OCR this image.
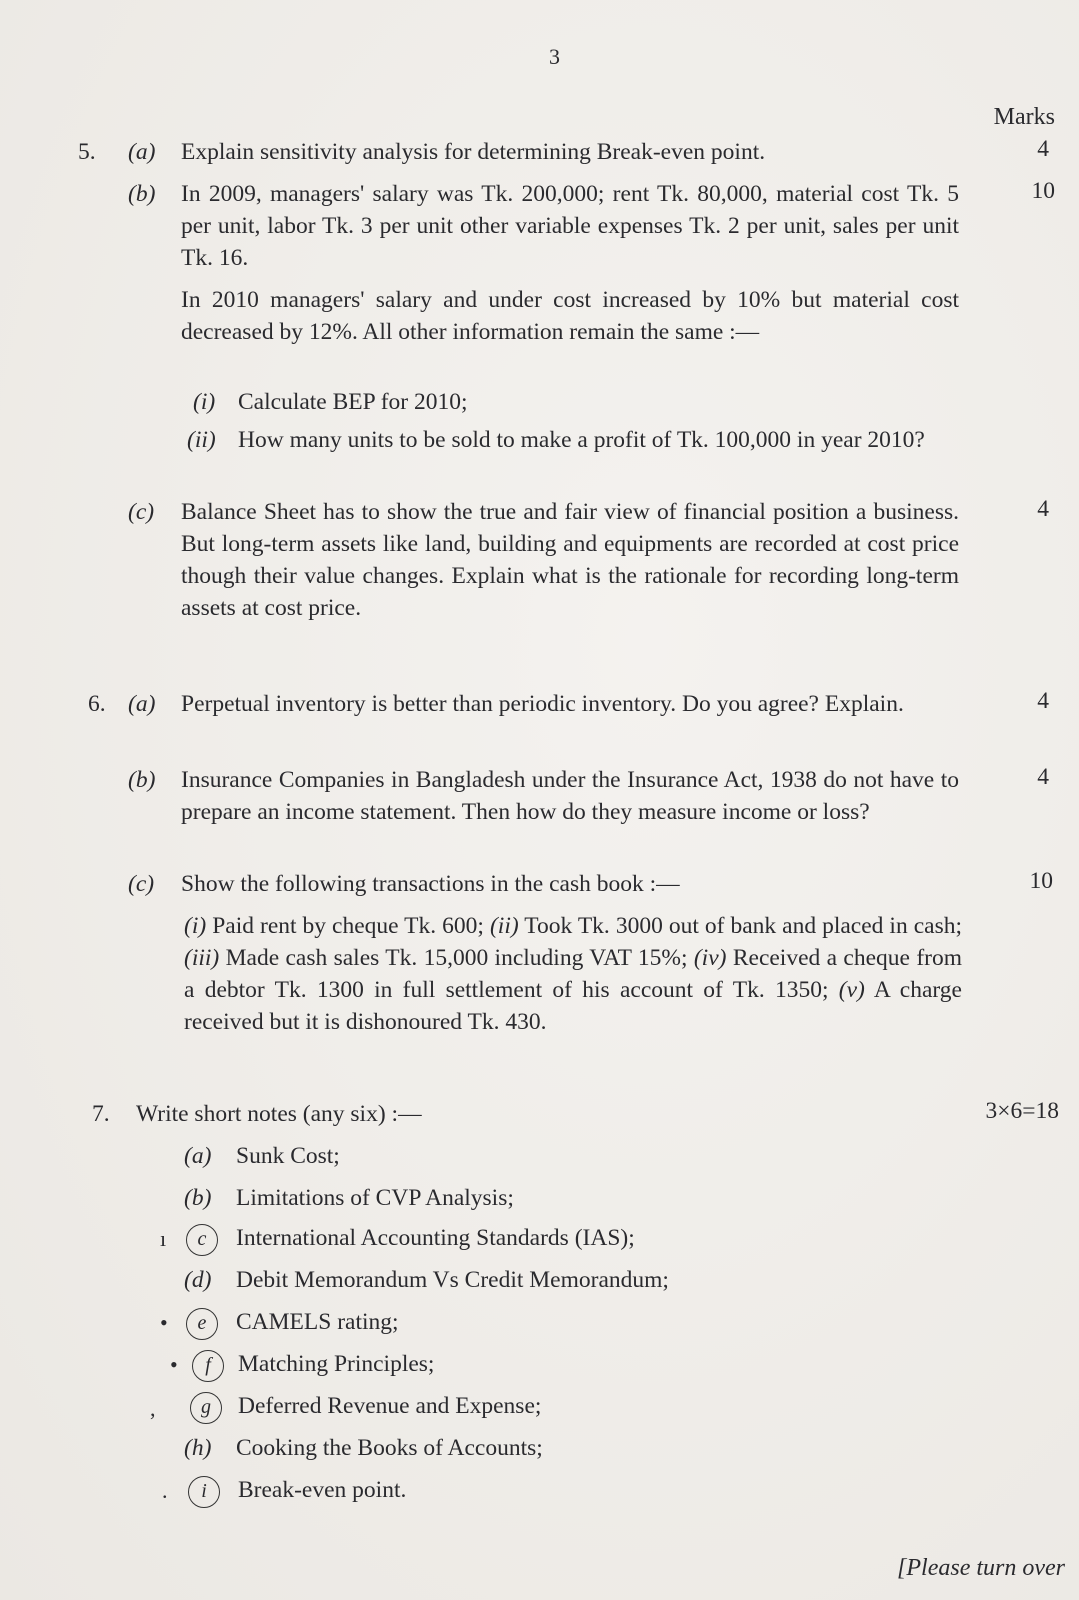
3
Marks
5. (a) Explain sensitivity analysis for determining Break-even point.	4
(b) In 2009, managers' salary was Tk. 200,000; rent Tk. 80,000, material cost Tk. 5 per unit, labor Tk. 3 per unit other variable expenses Tk. 2 per unit, sales per unit Tk. 16.
10
In 2010 managers' salary and under cost increased by 10% but material cost decreased by 12%. All other information remain the same :—
(i) Calculate BEP for 2010;
(ii) How many units to be sold to make a profit of Tk. 100,000 in year 2010?
(c) Balance Sheet has to show the true and fair view of financial position a business. But long-term assets like land, building and equipments are recorded at cost price though their value changes. Explain what is the rationale for recording long-term assets at cost price.
4
6. (a) Perpetual inventory is better than periodic inventory. Do you agree? Explain.	4
(b) Insurance Companies in Bangladesh under the Insurance Act, 1938 do not have to prepare an income statement. Then how do they measure income or loss?
4
(c) Show the following transactions in the cash book :—	10
(i) Paid rent by cheque Tk. 600; (ii) Took Tk. 3000 out of bank and placed in cash; (iii) Made cash sales Tk. 15,000 including VAT 15%; (iv) Received a cheque from a debtor Tk. 1300 in full settlement of his account of Tk. 1350; (v) A charge received but it is dishonoured Tk. 430.
7. Write short notes (any six) :—	3×6=18
(a) Sunk Cost;
(b) Limitations of CVP Analysis;
ı	c	International Accounting Standards (IAS);
(d) Debit Memorandum Vs Credit Memorandum;
•	e	CAMELS rating;
•	f	Matching Principles;
,	g	Deferred Revenue and Expense;
(h) Cooking the Books of Accounts;
.	i	Break-even point.
[Please turn over
